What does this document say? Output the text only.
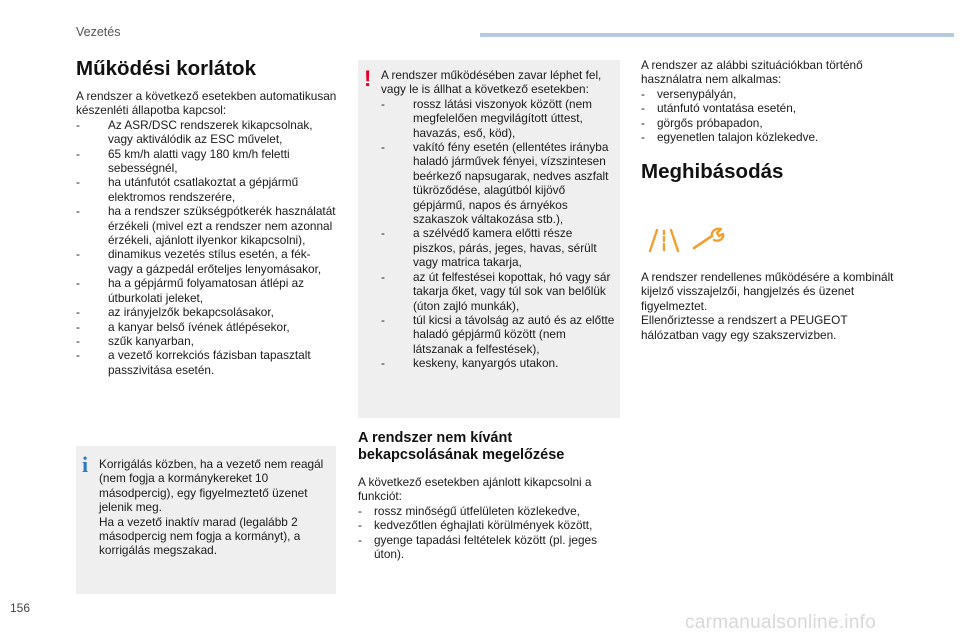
Vezetés
Működési korlátok

A rendszer a következő esetekben automatikusan készenléti állapotba kapcsol:

- Az ASR/DSC rendszerek kikapcsolnak, vagy aktiválódik az ESC művelet,
- 65 km/h alatti vagy 180 km/h feletti sebességnél,
- ha utánfutót csatlakoztat a gépjármű elektromos rendszerére,
- ha a rendszer szükségpótkerék használatát érzékeli (mivel ezt a rendszer nem azonnal érzékeli, ajánlott ilyenkor kikapcsolni),
- dinamikus vezetés stílus esetén, a fék- vagy a gázpedál erőteljes lenyomásakor,
- ha a gépjármű folyamatosan átlépi az útburkolati jeleket,
- az irányjelzők bekapcsolásakor,
- a kanyar belső ívének átlépésekor,
- szűk kanyarban,
- a vezető korrekciós fázisban tapasztalt passzivitása esetén.
i Korrigálás közben, ha a vezető nem reagál (nem fogja a kormánykereket 10 másodpercig), egy figyelmeztető üzenet jelenik meg.

Ha a vezető inaktív marad (legalább 2 másodpercig nem fogja a kormányt), a korrigálás megszakad.

! A rendszer működésében zavar léphet fel, vagy le is állhat a következő esetekben:

- rossz látási viszonyok között (nem megfelelően megvilágított úttest, havazás, eső, köd),
- vakító fény esetén (ellentétes irányba haladó járművek fényei, vízszintesen beérkező napsugarak, nedves aszfalt tükröződése, alagútból kijövő gépjármű, napos és árnyékos szakaszok váltakozása stb.),
- a szélvédő kamera előtti része piszkos, párás, jeges, havas, sérült vagy matrica takarja,
- az út felfestései kopottak, hó vagy sár takarja őket, vagy túl sok van belőlük (úton zajló munkák),
- túl kicsi a távolság az autó és az előtte haladó gépjármű között (nem látszanak a felfestések),
- keskeny, kanyargós utakon.
A rendszer nem kívánt bekapcsolásának megelőzése

A következő esetekben ajánlott kikapcsolni a funkciót:

- rossz minőségű útfelületen közlekedve,
- kedvezőtlen éghajlati körülmények között,
- gyenge tapadási feltételek között (pl. jeges úton).

A rendszer az alábbi szituációkban történő használatra nem alkalmas:

- versenypályán,
- utánfutó vontatása esetén,
- görgős próbapadon,
- egyenetlen talajon közlekedve.
Meghibásodás

A rendszer rendellenes működésére a kombinált kijelző visszajelzői, hangjelzés és üzenet figyelmeztet.

Ellenőriztesse a rendszert a PEUGEOT hálózatban vagy egy szakszervizben.

156
carmanualsonline.info
